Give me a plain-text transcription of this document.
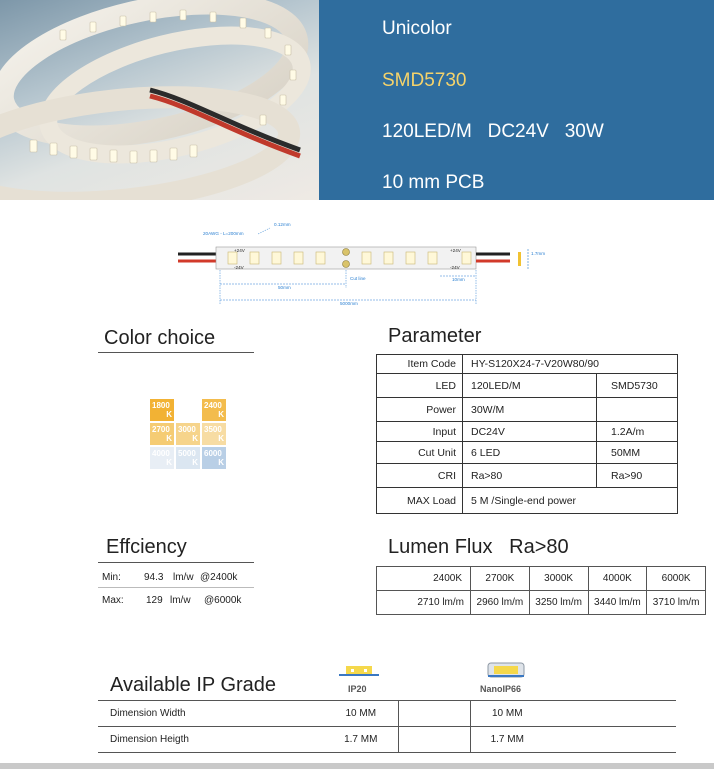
Unicolor
SMD5730
120LED/M   DC24V   30W
10 mm PCB
1.7mm
20AWG - L=200mm
0.12mm
+24V
-24V
+24V
-24V
50mm
Cut line
5000mm
10mm
Color choice
1800
K
2400
K
2700
K
3000
K
3500
K
4000
K
5000
K
6000
K
Parameter
Item Code	HY-S120X24-7-V20W80/90	
LED	120LED/M	SMD5730
Power	30W/M	
Input	DC24V	1.2A/m
Cut Unit	6 LED	50MM
CRI	Ra>80	Ra>90
MAX Load	5 M /Single-end power	
Effciency
Min: 94.3 lm/w @2400k
Max: 129 lm/w @6000k
Lumen Flux   Ra>80
2400K	2700K	3000K	4000K	6000K
2710 lm/m	2960 lm/m	3250 lm/m	3440 lm/m	3710 lm/m
Available IP Grade	IP20	NanoIP66
Dimension Width	10 MM		10 MM	
Dimension Heigth	1.7 MM		1.7 MM	
